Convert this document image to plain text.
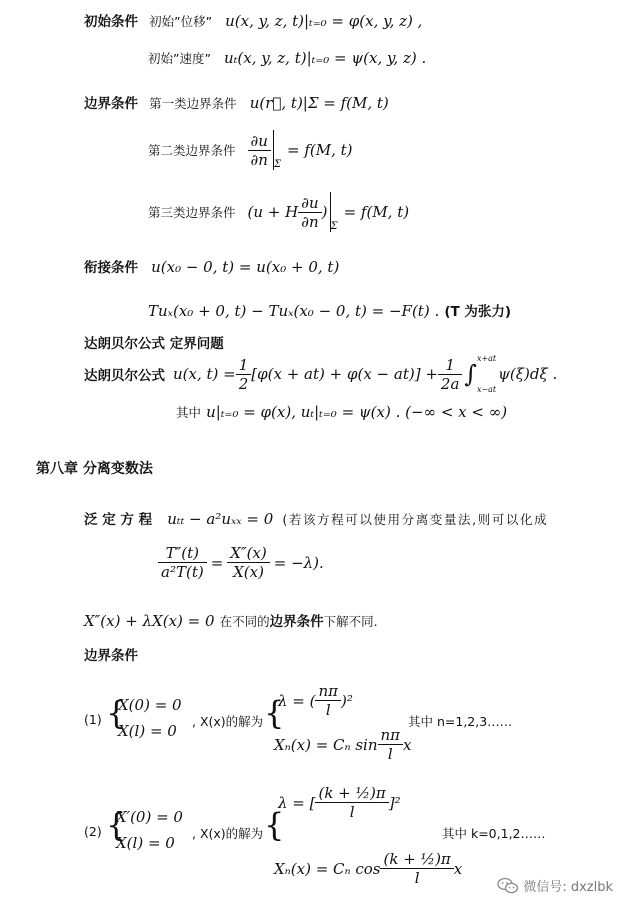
初始条件 初始”位移” u(x, y, z, t)|ₜ₌₀ = φ(x, y, z) ,
初始”速度” uₜ(x, y, z, t)|ₜ₌₀ = ψ(x, y, z) .
边界条件 第一类边界条件 u(r⃗, t)|Σ = f(M, t)
第二类边界条件 $\frac{\partial u}{\partial n}$ Σ
= f(M, t)
第三类边界条件 (u + H $\frac{\partial u}{\partial n}$ )
Σ
= f(M, t)
衔接条件 u(x₀ − 0, t) = u(x₀ + 0, t)
Tuₓ(x₀ + 0, t) − Tuₓ(x₀ − 0, t) = −F(t) . (T 为张力)
达朗贝尔公式 定界问题
达朗贝尔公式 u(x, $t) = \frac{1}{2} [\varphi(x + at) + \varphi(x - at)] + \frac{1}{2a}$ ∫
x+at
x−at
ψ(ξ)dξ .
其中 u|ₜ₌₀ = φ(x), uₜ|ₜ₌₀ = ψ(x) . (−∞ < x < ∞)
第八章 分离变数法
泛 定 方 程 uₜₜ − a²uₓₓ = 0 (若该方程可以使用分离变量法,则可以化成
$\frac{T''(t)}{\text{a²T(t)}} = \frac{X''(x)}{X(x)} = -\lambda$).
X″(x) + λX(x) = 0 在不同的边界条件下解不同.
边界条件
(1) {
X(0) = 0
X(l) = 0
, X(x)的解为 {
λ = ( $\frac{n\pi}{l} )^2$
Xₙ(x) = Cₙ $\sin \frac{n\pi}{l}$ x
其中 n=1,2,3……
(2) {
X′(0) = 0
X(l) = 0
, X(x)的解为 {
λ = [ $\frac{\text{(k + ½)π}}{l} ]^2$
Xₙ(x) = Cₙ $\cos \frac{\text{(k + ½)π}}{l}$ x
其中 k=0,1,2……
微信号: dxzlbk
